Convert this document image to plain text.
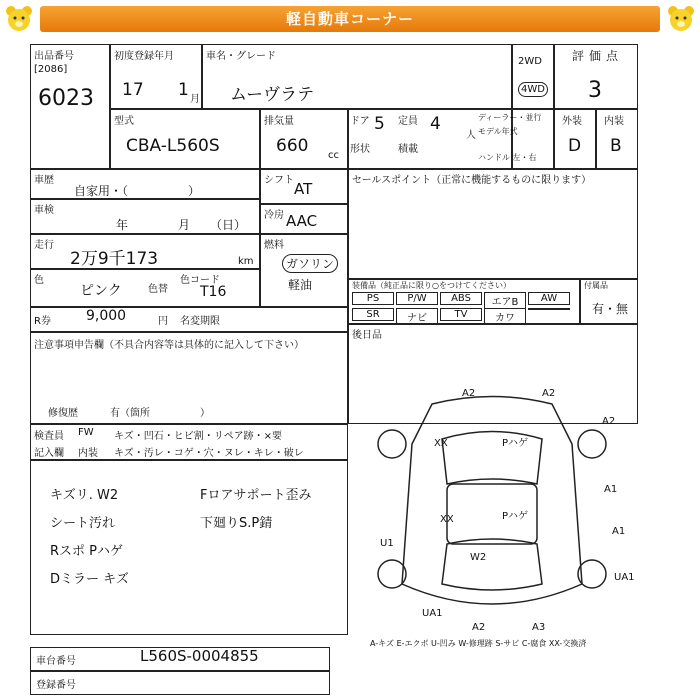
軽自動車コーナー
出品番号
[2086]
6023
初度登録年月
17 1 月
車名・グレード
ムーヴラテ
2WD
4WD
評価点
3
型式
CBA-L560S
排気量
660 cc
ドア 5 定員 4
人
形状	積載
ディーラー・並行
モデル年式
ハンドル 左・右
外装 内装
D B
車歴
自家用・（　　　　　）
車検
年	月 （日）
走行
2万9千173	km
色
ピンク	色替
色コード
T16
R券	9,000	円 名変期限
注意事項申告欄（不具合内容等は具体的に記入して下さい）
修復歴	有（箇所　　　　　）
シフト AT
冷房 AAC
燃料
ガソリン
軽油
セールスポイント（正常に機能するものに限ります）
装備品（純正品に限り○をつけてください）
PS	P/W	ABS	エアB	AW
SR	ナビ	TV	カワ
付属品
有・無
後日品
検査員
記入欄
FW キズ・凹石・ヒビ割・リペア跡・×要
内装 キズ・汚レ・コゲ・穴・ヌレ・キレ・破レ
キズリ. W2
シート汚れ
Rスポ Pハゲ
Dミラー キズ
Fロアサポート歪み
下廻りS.P錆
A2	A2
A2
XX	Pハゲ
XX	Pハゲ
A1
A1
U1
W2
UA1
UA1
A2	A3
A-キズ E-エクボ U-凹み W-修理跡 S-サビ C-腐食 XX-交換済
車台番号	L560S-0004855
登録番号
